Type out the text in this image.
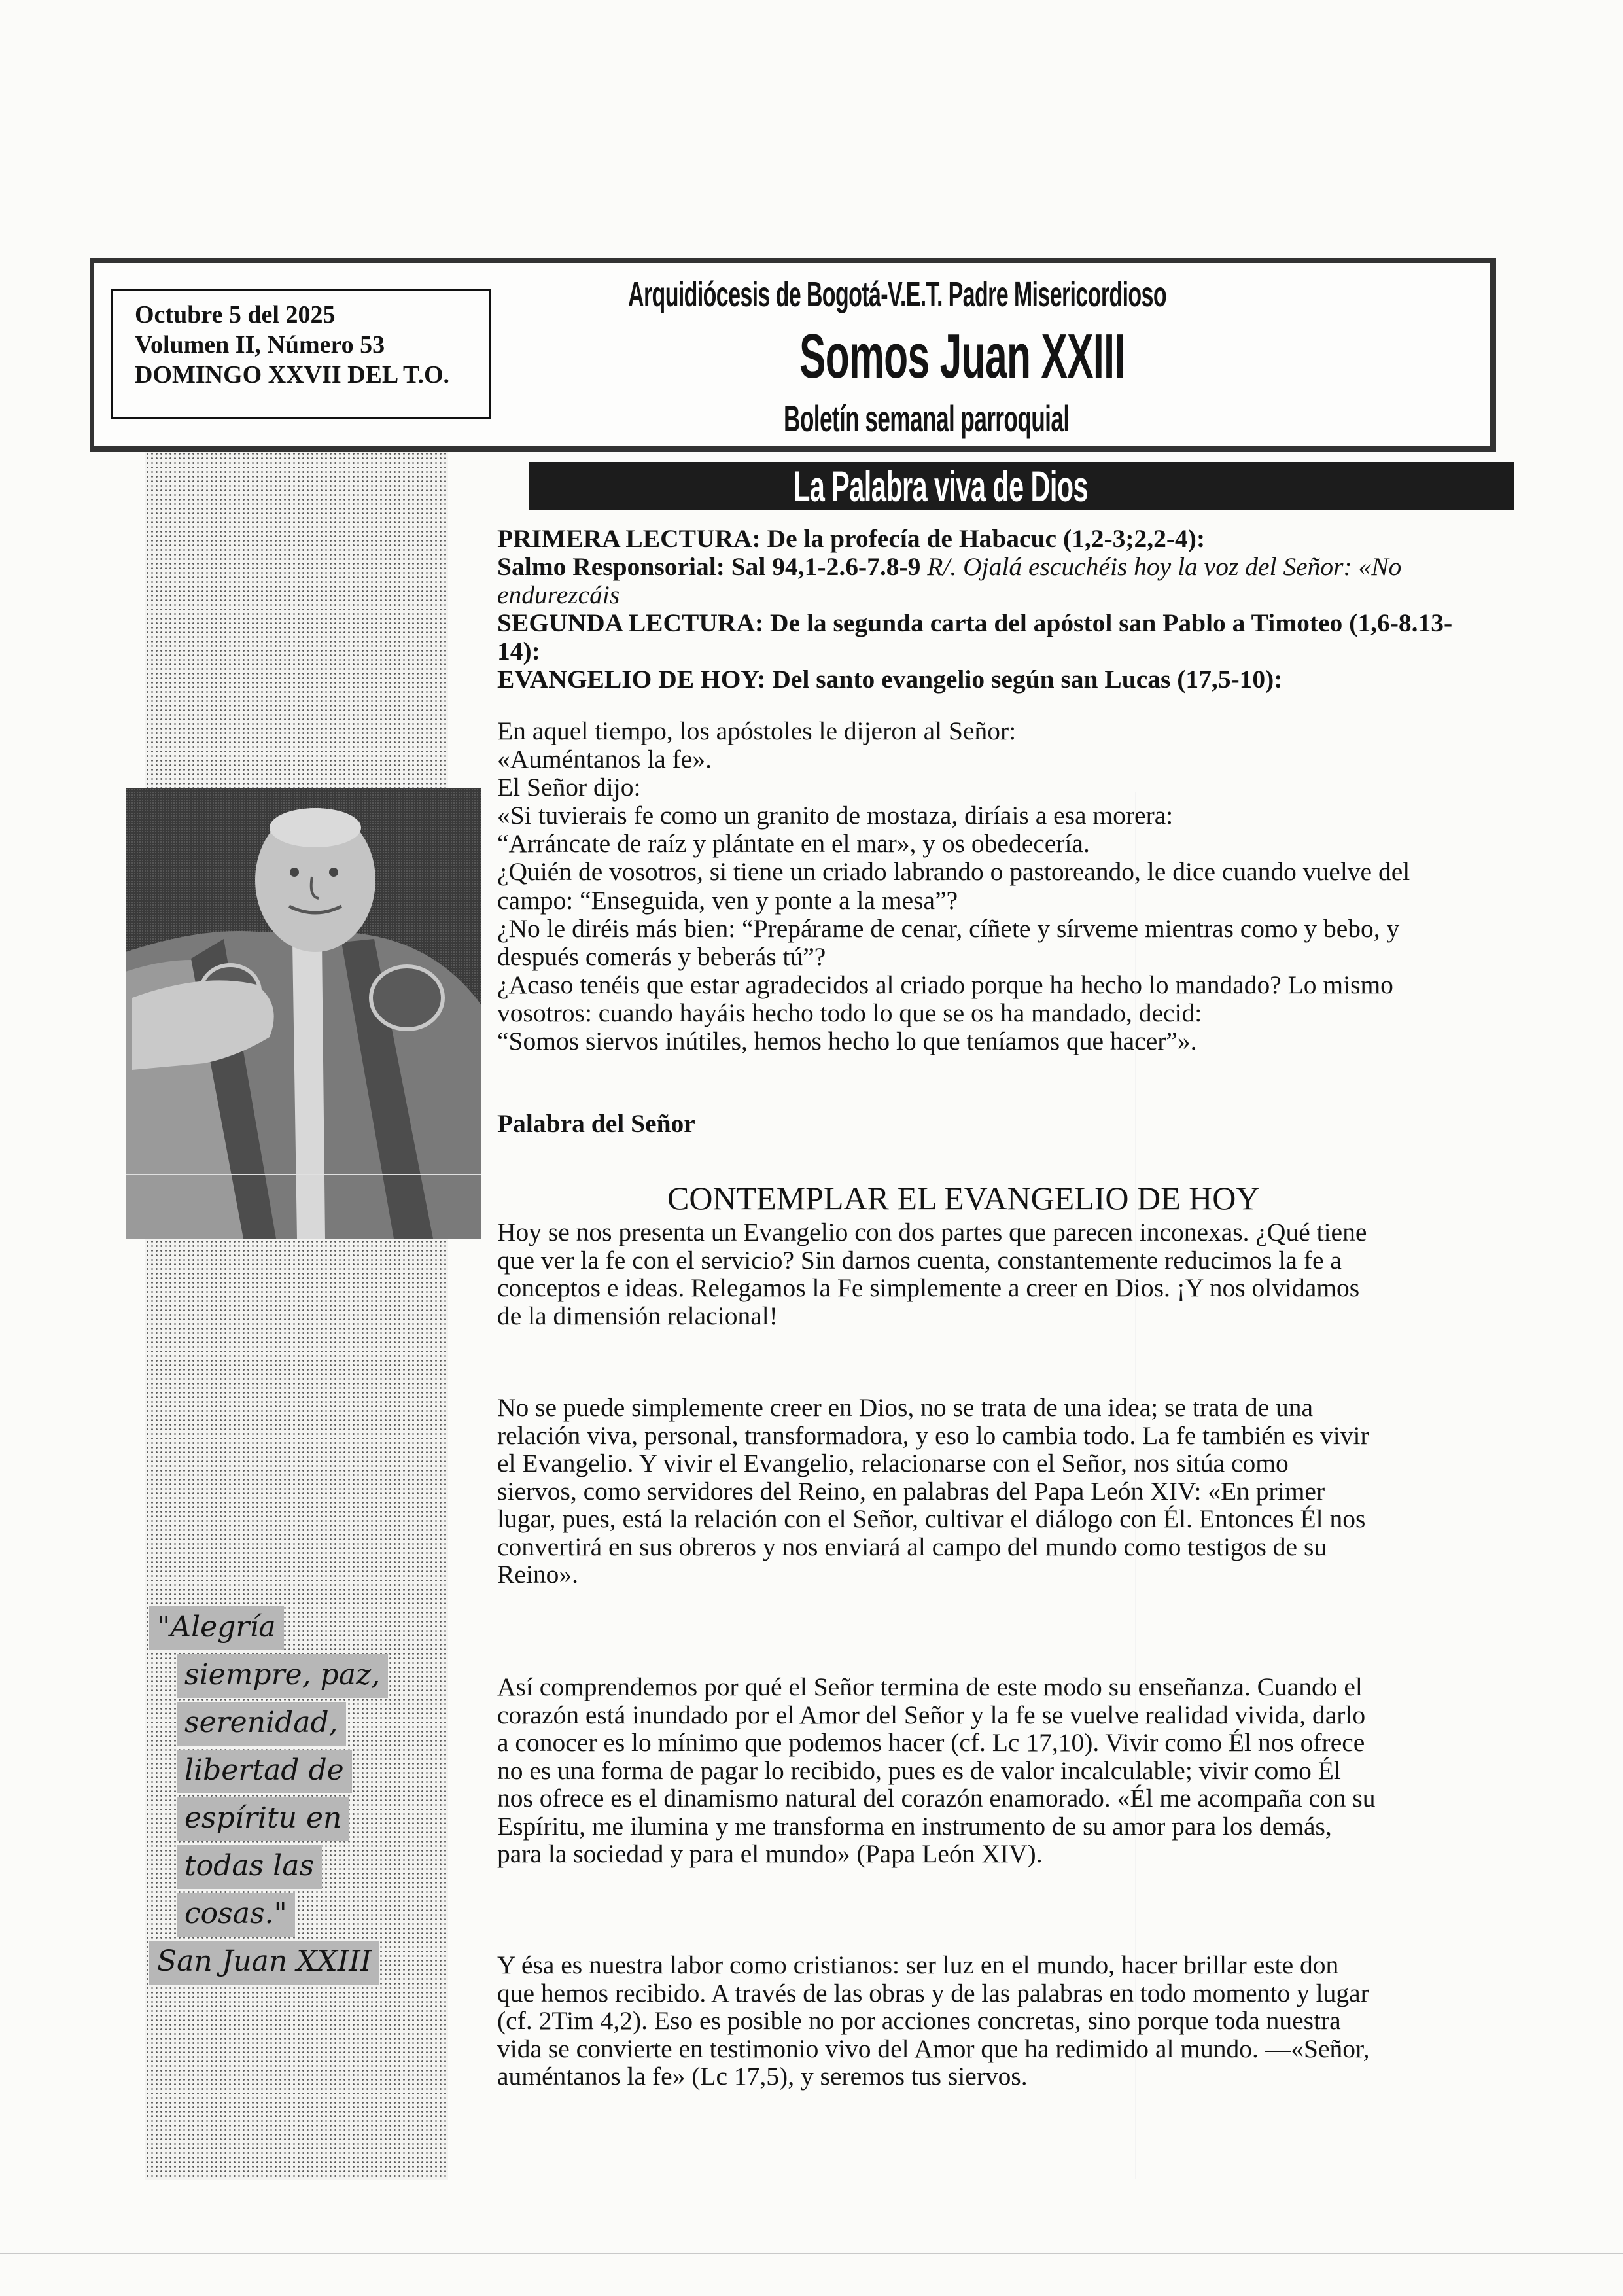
Octubre 5 del 2025
Volumen II, Número 53
DOMINGO XXVII DEL T.O.
Arquidiócesis de Bogotá-V.E.T. Padre Misericordioso
Somos Juan XXIII
Boletín semanal parroquial
La Palabra viva de Dios
PRIMERA LECTURA: De la profecía de Habacuc (1,2-3;2,2-4):
Salmo Responsorial: Sal 94,1-2.6-7.8-9 R/. Ojalá escuchéis hoy la voz del Señor: «No
endurezcáis
SEGUNDA LECTURA: De la segunda carta del apóstol san Pablo a Timoteo (1,6-8.13-
14):
EVANGELIO DE HOY: Del santo evangelio según san Lucas (17,5-10):
En aquel tiempo, los apóstoles le dijeron al Señor:
«Auméntanos la fe».
El Señor dijo:
«Si tuvierais fe como un granito de mostaza, diríais a esa morera:
“Arráncate de raíz y plántate en el mar», y os obedecería.
¿Quién de vosotros, si tiene un criado labrando o pastoreando, le dice cuando vuelve del
campo: “Enseguida, ven y ponte a la mesa”?
¿No le diréis más bien: “Prepárame de cenar, cíñete y sírveme mientras como y bebo, y
después comerás y beberás tú”?
¿Acaso tenéis que estar agradecidos al criado porque ha hecho lo mandado? Lo mismo
vosotros: cuando hayáis hecho todo lo que se os ha mandado, decid:
“Somos siervos inútiles, hemos hecho lo que teníamos que hacer”».
Palabra del Señor

"Alegría

siempre, paz,

serenidad,

libertad de

espíritu en

todas las

cosas."

San Juan XXIII

CONTEMPLAR EL EVANGELIO DE HOY
Hoy se nos presenta un Evangelio con dos partes que parecen inconexas. ¿Qué tiene
que ver la fe con el servicio? Sin darnos cuenta, constantemente reducimos la fe a
conceptos e ideas. Relegamos la Fe simplemente a creer en Dios. ¡Y nos olvidamos
de la dimensión relacional!
No se puede simplemente creer en Dios, no se trata de una idea; se trata de una
relación viva, personal, transformadora, y eso lo cambia todo. La fe también es vivir
el Evangelio. Y vivir el Evangelio, relacionarse con el Señor, nos sitúa como
siervos, como servidores del Reino, en palabras del Papa León XIV: «En primer
lugar, pues, está la relación con el Señor, cultivar el diálogo con Él. Entonces Él nos
convertirá en sus obreros y nos enviará al campo del mundo como testigos de su
Reino».
Así comprendemos por qué el Señor termina de este modo su enseñanza. Cuando el
corazón está inundado por el Amor del Señor y la fe se vuelve realidad vivida, darlo
a conocer es lo mínimo que podemos hacer (cf. Lc 17,10). Vivir como Él nos ofrece
no es una forma de pagar lo recibido, pues es de valor incalculable; vivir como Él
nos ofrece es el dinamismo natural del corazón enamorado. «Él me acompaña con su
Espíritu, me ilumina y me transforma en instrumento de su amor para los demás,
para la sociedad y para el mundo» (Papa León XIV).
Y ésa es nuestra labor como cristianos: ser luz en el mundo, hacer brillar este don
que hemos recibido. A través de las obras y de las palabras en todo momento y lugar
(cf. 2Tim 4,2). Eso es posible no por acciones concretas, sino porque toda nuestra
vida se convierte en testimonio vivo del Amor que ha redimido al mundo. —«Señor,
auméntanos la fe» (Lc 17,5), y seremos tus siervos.
